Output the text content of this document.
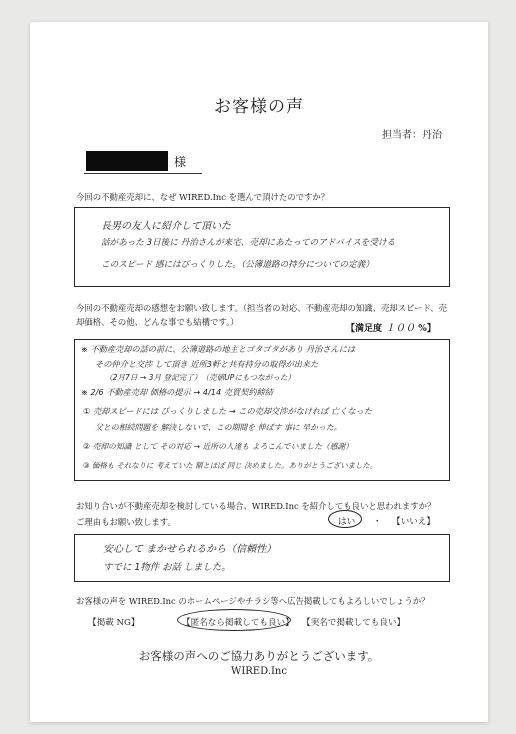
お客様の声
担当者：丹治
様
今回の不動産売却に、なぜ WIRED.Inc を選んで頂けたのですか？
長男の友人に紹介して頂いた
話があった 3日後に 丹治さんが来宅、売却にあたってのアドバイスを受ける
このスピード 感にはびっくりした。（公簿道路の持分についての定義）
今回の不動産売却の感想をお願い致します。（担当者の対応、不動産売却の知識、売却スピード、売却価格、その他、どんな事でも結構です。）
【満足度 １００ %】
※ 不動産売却の話の前に、公簿道路の地主とゴタゴタがあり 丹治さんには
その仲介と交渉 して頂き 近所3軒と共有持分の取得が出来た
（2月7日 → 3月 登記完了）　（売値UPにもつながった）
※ 2/6 不動産売却 価格の提示 → 4/14 売買契約締結
① 売却スピードには びっくりしました → この売却交渉がなければ 亡くなった
父との相続問題を 解決しないで、この期間を 伸ばす 事に 早かった。
② 売却の知識 として その対応 → 近所の人達も よろこんでいました（感謝）
③ 価格も それなりに 考えていた 額とほぼ 同じ 決めました。ありがとうございました。
お知り合いが不動産売却を検討している場合、WIRED.Inc を紹介しても良いと思われますか？
ご理由もお願い致します。	はい ・ 【いいえ】
安心して まかせられるから（信頼性）
すでに 1物件 お話 しました。
お客様の声を WIRED.Inc のホームページやチラシ等へ広告掲載してもよろしいでしょうか？
【掲載 NG】	【匿名なら掲載しても良い】 【実名で掲載しても良い】
お客様の声へのご協力ありがとうございます。
WIRED.Inc
